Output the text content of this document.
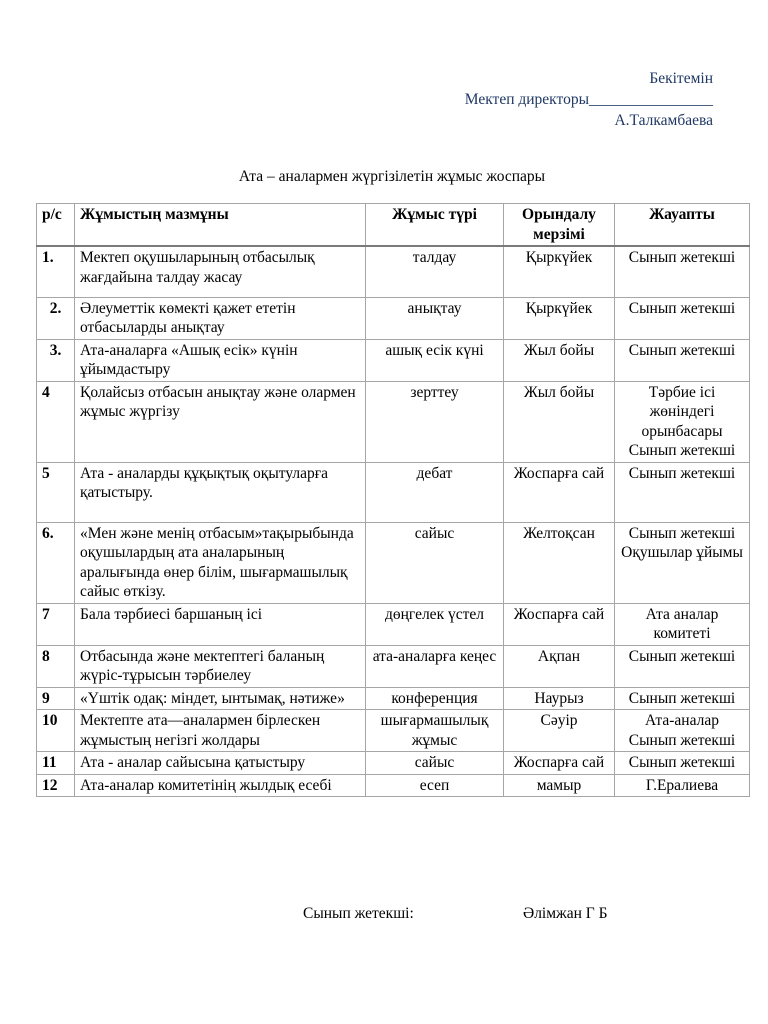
Бекітемін
Мектеп директоры________________
А.Талкамбаева
Ата – аналармен жүргізілетін жұмыс жоспары
р/с	Жұмыстың мазмұны	Жұмыс түрі	Орындалу мерзімі	Жауапты
1.	Мектеп оқушыларының отбасылық жағдайына талдау жасау	талдау	Қыркүйек	Сынып жетекші
2.	Әлеуметтік көмекті қажет ететін отбасыларды анықтау	анықтау	Қыркүйек	Сынып жетекші
3.	Ата-аналарға «Ашық есік» күнін ұйымдастыру	ашық есік күні	Жыл бойы	Сынып жетекші
4	Қолайсыз отбасын анықтау және олармен жұмыс жүргізу	зерттеу	Жыл бойы	Тәрбие ісі жөніндегі орынбасары Сынып жетекші
5	Ата - аналарды құқықтық оқытуларға қатыстыру.	дебат	Жоспарға сай	Сынып жетекші
6.	«Мен және менің отбасым»тақырыбында оқушылардың ата аналарының аралығында өнер білім, шығармашылық сайыс өткізу.	сайыс	Желтоқсан	Сынып жетекші Оқушылар ұйымы
7	Бала тәрбиесі баршаның ісі	дөңгелек үстел	Жоспарға сай	Ата аналар комитеті
8	Отбасында және мектептегі баланың жүріс-тұрысын тәрбиелеу	ата-аналарға кеңес	Ақпан	Сынып жетекші
9	«Үштік одақ: міндет, ынтымақ, нәтиже»	конференция	Наурыз	Сынып жетекші
10	Мектепте ата—аналармен бірлескен жұмыстың негізгі жолдары	шығармашылық жұмыс	Сәуір	Ата-аналар Сынып жетекші
11	Ата - аналар сайысына қатыстыру	сайыс	Жоспарға сай	Сынып жетекші
12	Ата-аналар комитетінің жылдық есебі	есеп	мамыр	Г.Ералиева
Сынып жетекші:	Әлімжан Г Б
